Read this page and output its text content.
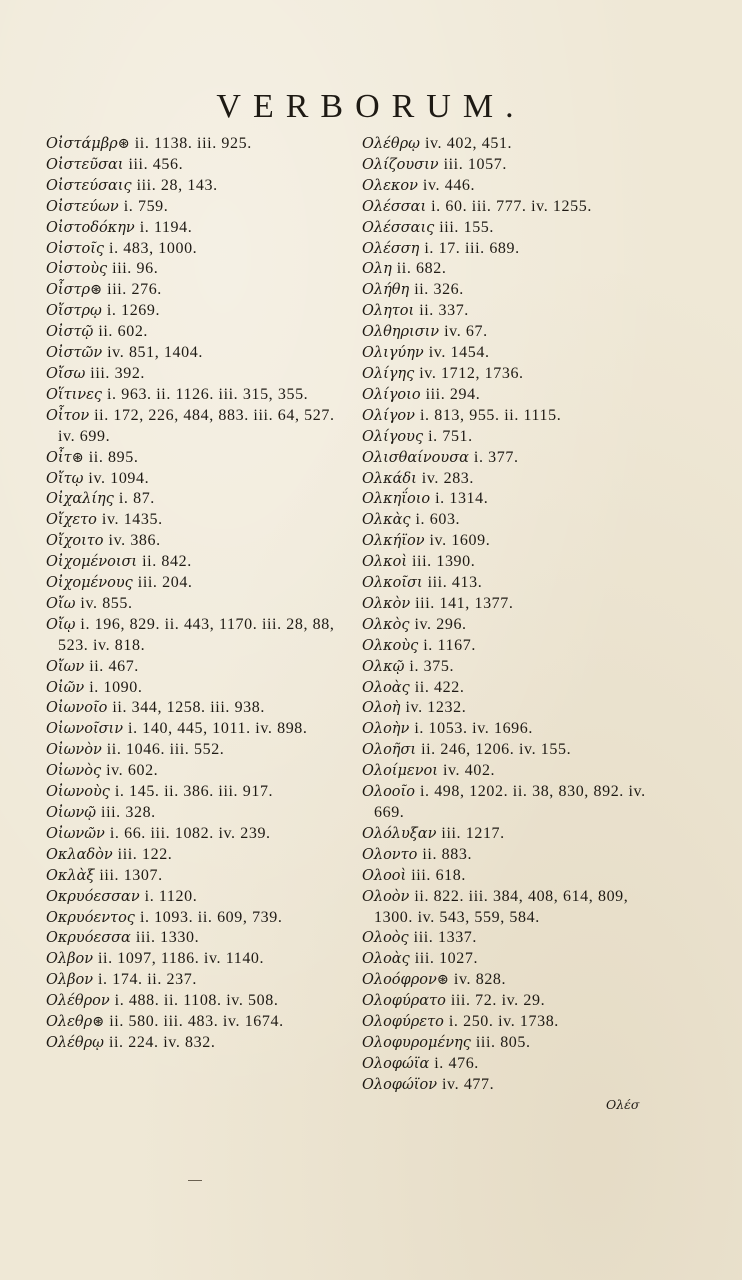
VERBORUM.
Οἰστάμβρ⊛ ii. 1138. iii. 925.
Οἰστεῦσαι iii. 456.
Οἰστεύσαις iii. 28, 143.
Οἰστεύων i. 759.
Οἰστοδόκην i. 1194.
Οἰστοῖς i. 483, 1000.
Οἰστοὺς iii. 96.
Οἶστρ⊛ iii. 276.
Οἴστρῳ i. 1269.
Οἰστῷ ii. 602.
Οἰστῶν iv. 851, 1404.
Οἴσω iii. 392.
Οἵτινες i. 963. ii. 1126. iii. 315, 355.
Οἶτον ii. 172, 226, 484, 883. iii. 64, 527. iv. 699.
Οἶτ⊛ ii. 895.
Οἴτῳ iv. 1094.
Οἰχαλίης i. 87.
Οἴχετο iv. 1435.
Οἴχοιτο iv. 386.
Οἰχομένοισι ii. 842.
Οἰχομένους iii. 204.
Οἴω iv. 855.
Οἴῳ i. 196, 829. ii. 443, 1170. iii. 28, 88, 523. iv. 818.
Οἴων ii. 467.
Οἰῶν i. 1090.
Οἰωνοῖο ii. 344, 1258. iii. 938.
Οἰωνοῖσιν i. 140, 445, 1011. iv. 898.
Οἰωνὸν ii. 1046. iii. 552.
Οἰωνὸς iv. 602.
Οἰωνοὺς i. 145. ii. 386. iii. 917.
Οἰωνῷ iii. 328.
Οἰωνῶν i. 66. iii. 1082. iv. 239.
Οκλαδὸν iii. 122.
Οκλὰξ iii. 1307.
Οκρυόεσσαν i. 1120.
Οκρυόεντος i. 1093. ii. 609, 739.
Οκρυόεσσα iii. 1330.
Ολβον ii. 1097, 1186. iv. 1140.
Ολβον i. 174. ii. 237.
Ολέθρον i. 488. ii. 1108. iv. 508.
Ολεθρ⊛ ii. 580. iii. 483. iv. 1674.
Ολέθρῳ ii. 224. iv. 832.
Ολέθρῳ iv. 402, 451.
Ολίζουσιν iii. 1057.
Ολεκον iv. 446.
Ολέσσαι i. 60. iii. 777. iv. 1255.
Ολέσσαις iii. 155.
Ολέσση i. 17. iii. 689.
Ολη ii. 682.
Ολήθη ii. 326.
Ολητοι ii. 337.
Ολθηρισιν iv. 67.
Ολιγύην iv. 1454.
Ολίγης iv. 1712, 1736.
Ολίγοιο iii. 294.
Ολίγον i. 813, 955. ii. 1115.
Ολίγους i. 751.
Ολισθαίνουσα i. 377.
Ολκάδι iv. 283.
Ολκηΐοιο i. 1314.
Ολκὰς i. 603.
Ολκήϊον iv. 1609.
Ολκοὶ iii. 1390.
Ολκοῖσι iii. 413.
Ολκὸν iii. 141, 1377.
Ολκὸς iv. 296.
Ολκοὺς i. 1167.
Ολκῷ i. 375.
Ολοὰς ii. 422.
Ολοὴ iv. 1232.
Ολοὴν i. 1053. iv. 1696.
Ολοῆσι ii. 246, 1206. iv. 155.
Ολοίμενοι iv. 402.
Ολοοῖο i. 498, 1202. ii. 38, 830, 892. iv. 669.
Ολόλυξαν iii. 1217.
Ολοντο ii. 883.
Ολοοὶ iii. 618.
Ολοὸν ii. 822. iii. 384, 408, 614, 809, 1300. iv. 543, 559, 584.
Ολοὸς iii. 1337.
Ολοὰς iii. 1027.
Ολοόφρον⊛ iv. 828.
Ολοφύρατο iii. 72. iv. 29.
Ολοφύρετο i. 250. iv. 1738.
Ολοφυρομένης iii. 805.
Ολοφώϊα i. 476.
Ολοφώϊον iv. 477.
Ολέσ
